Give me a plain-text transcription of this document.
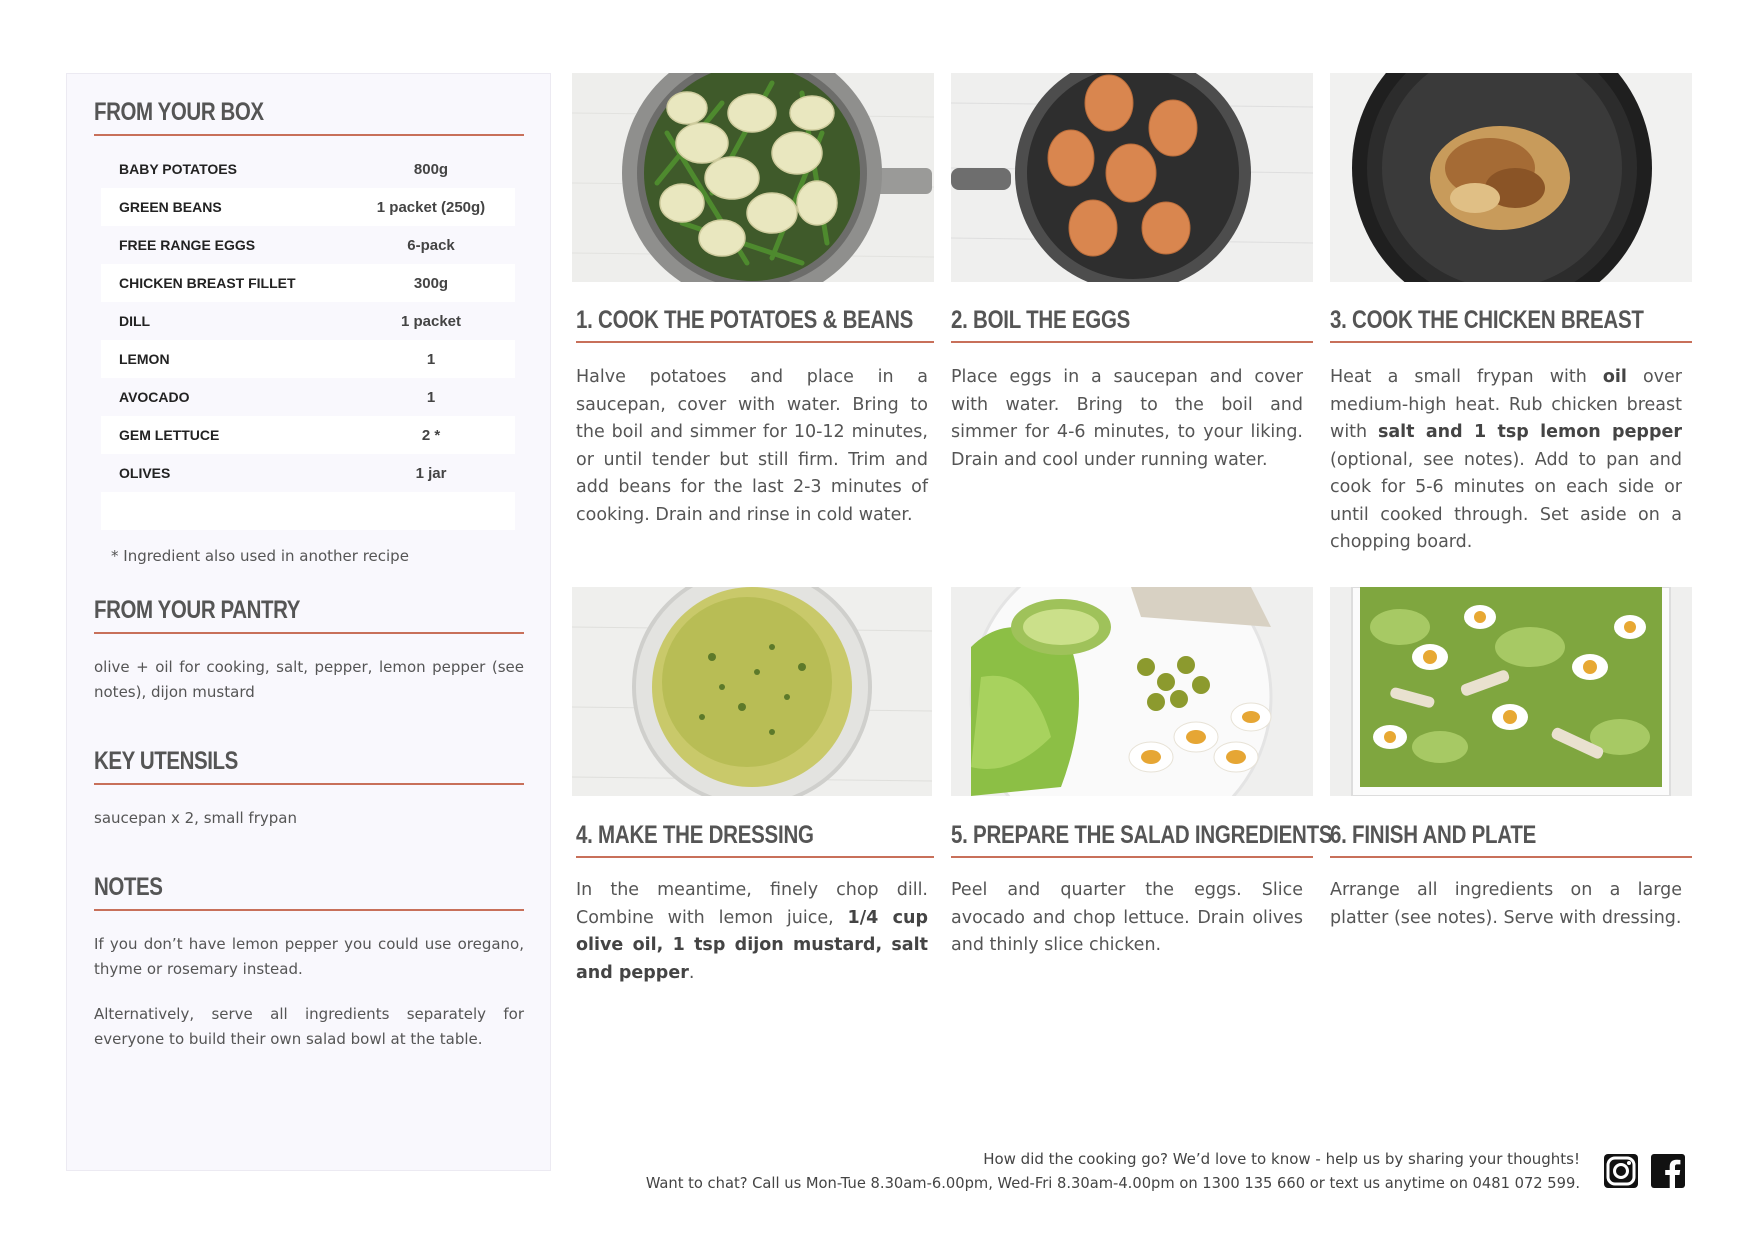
FROM YOUR BOX
BABY POTATOES	800g
GREEN BEANS	1 packet (250g)
FREE RANGE EGGS	6-pack
CHICKEN BREAST FILLET	300g
DILL	1 packet
LEMON	1
AVOCADO	1
GEM LETTUCE	2 *
OLIVES	1 jar
* Ingredient also used in another recipe
FROM YOUR PANTRY
olive + oil for cooking, salt, pepper, lemon pepper (see notes), dijon mustard
KEY UTENSILS
saucepan x 2, small frypan
NOTES
If you don’t have lemon pepper you could use oregano, thyme or rosemary instead.
Alternatively, serve all ingredients separately for everyone to build their own salad bowl at the table.
1. COOK THE POTATOES & BEANS
Halve potatoes and place in a saucepan, cover with water. Bring to the boil and simmer for 10-12 minutes, or until tender but still firm. Trim and add beans for the last 2-3 minutes of cooking. Drain and rinse in cold water.
2. BOIL THE EGGS
Place eggs in a saucepan and cover with water. Bring to the boil and simmer for 4-6 minutes, to your liking. Drain and cool under running water.
3. COOK THE CHICKEN BREAST
Heat a small frypan with oil over medium-high heat. Rub chicken breast with salt and 1 tsp lemon pepper (optional, see notes). Add to pan and cook for 5-6 minutes on each side or until cooked through. Set aside on a chopping board.
4. MAKE THE DRESSING
In the meantime, finely chop dill. Combine with lemon juice, 1/4 cup olive oil, 1 tsp dijon mustard, salt and pepper.
5. PREPARE THE SALAD INGREDIENTS
Peel and quarter the eggs. Slice avocado and chop lettuce. Drain olives and thinly slice chicken.
6. FINISH AND PLATE
Arrange all ingredients on a large platter (see notes). Serve with dressing.
How did the cooking go? We’d love to know - help us by sharing your thoughts!
Want to chat? Call us Mon-Tue 8.30am-6.00pm, Wed-Fri 8.30am-4.00pm on 1300 135 660 or text us anytime on 0481 072 599.
